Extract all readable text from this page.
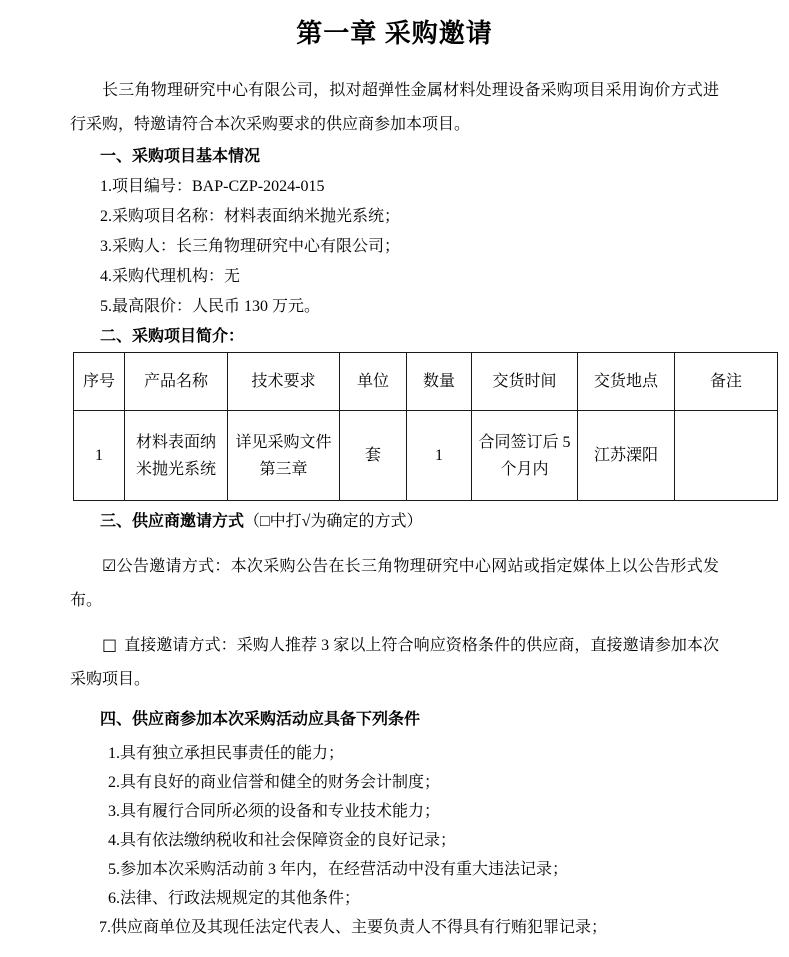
第一章 采购邀请

长三角物理研究中心有限公司，拟对超弹性金属材料处理设备采购项目采用询价方式进行采购，特邀请符合本次采购要求的供应商参加本项目。

一、采购项目基本情况

1.项目编号：BAP-CZP-2024-015
2.采购项目名称：材料表面纳米抛光系统；
3.采购人：长三角物理研究中心有限公司；
4.采购代理机构：无
5.最高限价：人民币 130 万元。

二、采购项目简介：

序号	产品名称	技术要求	单位	数量	交货时间	交货地点	备注
1	材料表面纳米抛光系统	详见采购文件第三章	套	1	合同签订后 5 个月内	江苏溧阳	

三、供应商邀请方式（□中打√为确定的方式）

☑公告邀请方式：本次采购公告在长三角物理研究中心网站或指定媒体上以公告形式发布。

□ 直接邀请方式：采购人推荐 3 家以上符合响应资格条件的供应商，直接邀请参加本次采购项目。

四、供应商参加本次采购活动应具备下列条件

1.具有独立承担民事责任的能力；
2.具有良好的商业信誉和健全的财务会计制度；
3.具有履行合同所必须的设备和专业技术能力；
4.具有依法缴纳税收和社会保障资金的良好记录；
5.参加本次采购活动前 3 年内，在经营活动中没有重大违法记录；
6.法律、行政法规规定的其他条件；
7.供应商单位及其现任法定代表人、主要负责人不得具有行贿犯罪记录；
